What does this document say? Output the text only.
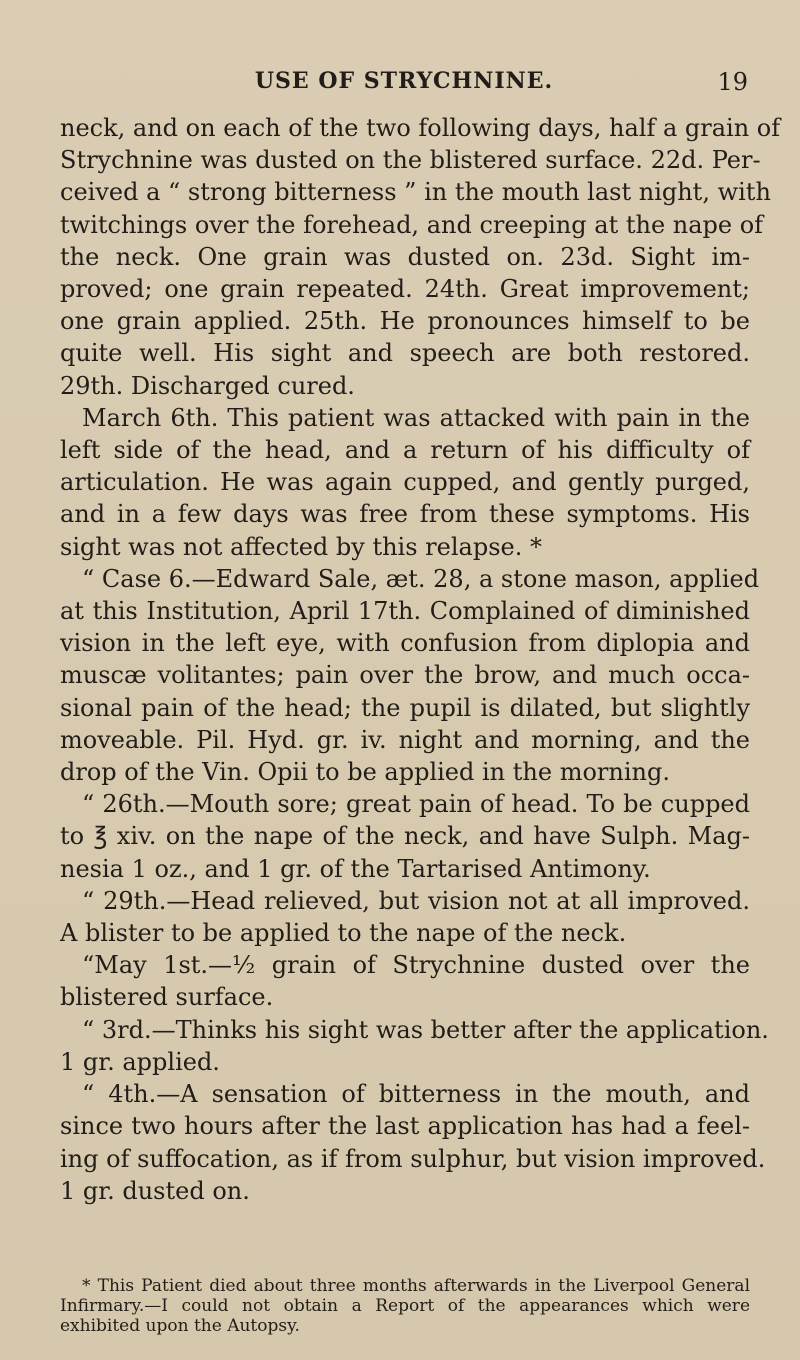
USE OF STRYCHNINE.	19
neck, and on each of the two following days, half a grain of
Strychnine was dusted on the blistered surface. 22d. Per-
ceived a “ strong bitterness ” in the mouth last night, with
twitchings over the forehead, and creeping at the nape of
the neck. One grain was dusted on. 23d. Sight im-
proved; one grain repeated. 24th. Great improvement;
one grain applied. 25th. He pronounces himself to be
quite well. His sight and speech are both restored.
29th. Discharged cured.
March 6th. This patient was attacked with pain in the
left side of the head, and a return of his difficulty of
articulation. He was again cupped, and gently purged,
and in a few days was free from these symptoms. His
sight was not affected by this relapse. *
“ Case 6.—Edward Sale, æt. 28, a stone mason, applied
at this Institution, April 17th. Complained of diminished
vision in the left eye, with confusion from diplopia and
muscæ volitantes; pain over the brow, and much occa-
sional pain of the head; the pupil is dilated, but slightly
moveable. Pil. Hyd. gr. iv. night and morning, and the
drop of the Vin. Opii to be applied in the morning.
“ 26th.—Mouth sore; great pain of head. To be cupped
to ℥ xiv. on the nape of the neck, and have Sulph. Mag-
nesia 1 oz., and 1 gr. of the Tartarised Antimony.
“ 29th.—Head relieved, but vision not at all improved.
A blister to be applied to the nape of the neck.
“May 1st.—½ grain of Strychnine dusted over the
blistered surface.
“ 3rd.—Thinks his sight was better after the application.
1 gr. applied.
“ 4th.—A sensation of bitterness in the mouth, and
since two hours after the last application has had a feel-
ing of suffocation, as if from sulphur, but vision improved.
1 gr. dusted on.
* This Patient died about three months afterwards in the Liverpool General
Infirmary.—I could not obtain a Report of the appearances which were
exhibited upon the Autopsy.
